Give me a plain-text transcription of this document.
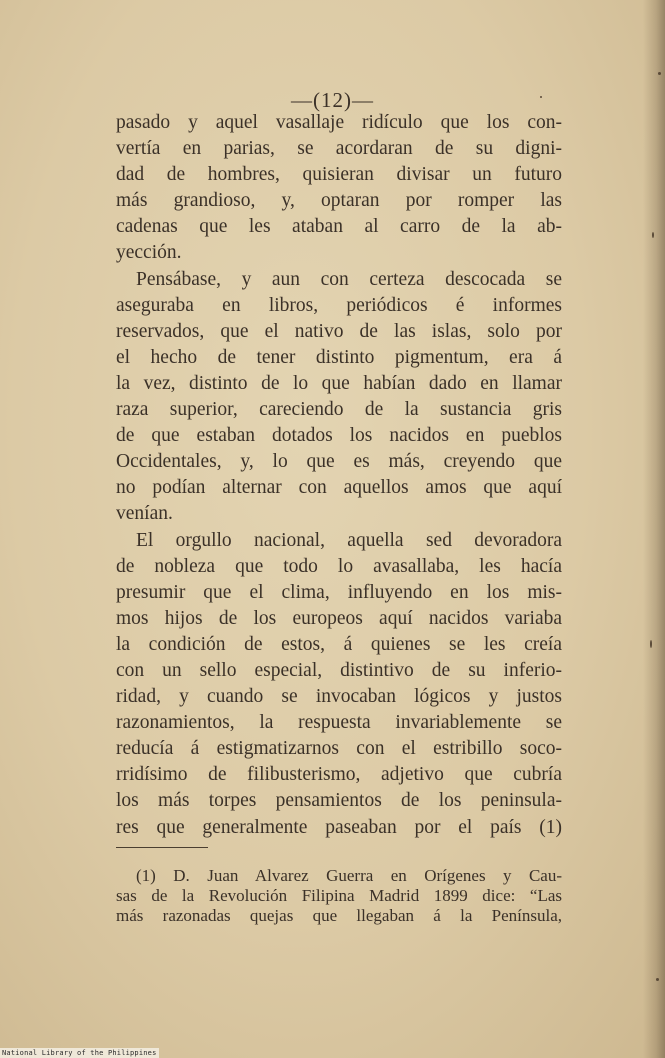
—(12)—
pasado y aquel vasallaje ridículo que los con-
vertía en parias, se acordaran de su digni-
dad de hombres, quisieran divisar un futuro
más grandioso, y, optaran por romper las
cadenas que les ataban al carro de la ab-
yección.
Pensábase, y aun con certeza descocada se
aseguraba en libros, periódicos é informes
reservados, que el nativo de las islas, solo por
el hecho de tener distinto pigmentum, era á
la vez, distinto de lo que habían dado en llamar
raza superior, careciendo de la sustancia gris
de que estaban dotados los nacidos en pueblos
Occidentales, y, lo que es más, creyendo que
no podían alternar con aquellos amos que aquí
venían.
El orgullo nacional, aquella sed devoradora
de nobleza que todo lo avasallaba, les hacía
presumir que el clima, influyendo en los mis-
mos hijos de los europeos aquí nacidos variaba
la condición de estos, á quienes se les creía
con un sello especial, distintivo de su inferio-
ridad, y cuando se invocaban lógicos y justos
razonamientos, la respuesta invariablemente se
reducía á estigmatizarnos con el estribillo soco-
rridísimo de filibusterismo, adjetivo que cubría
los más torpes pensamientos de los peninsula-
res que generalmente paseaban por el país (1)
(1) D. Juan Alvarez Guerra en Orígenes y Cau-
sas de la Revolución Filipina Madrid 1899 dice: “Las
más razonadas quejas que llegaban á la Península,
National Library of the Philippines
